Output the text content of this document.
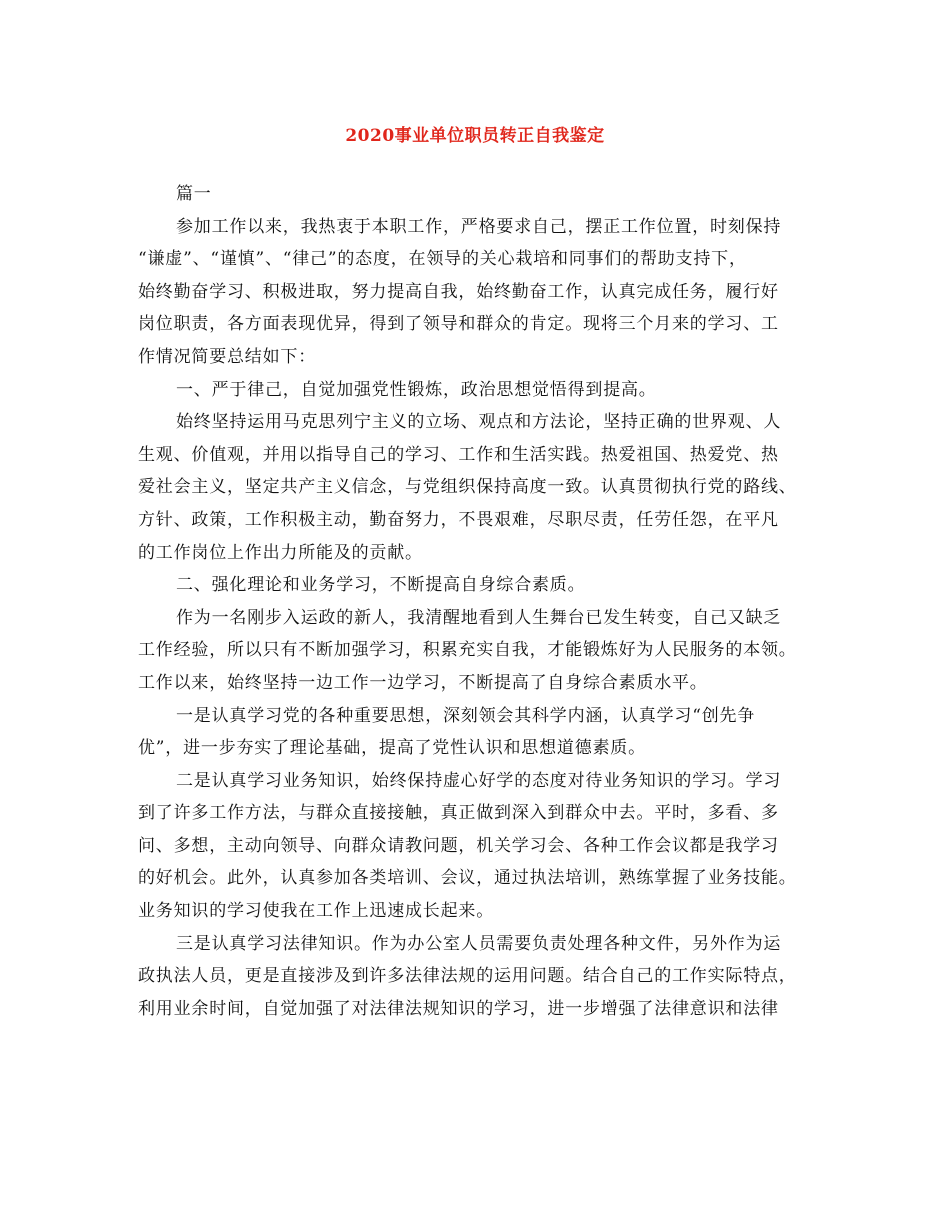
2020事业单位职员转正自我鉴定
篇一
参加工作以来，我热衷于本职工作，严格要求自己，摆正工作位置，时刻保持
“谦虚”、“谨慎”、“律己”的态度，在领导的关心栽培和同事们的帮助支持下，
始终勤奋学习、积极进取，努力提高自我，始终勤奋工作，认真完成任务，履行好
岗位职责，各方面表现优异，得到了领导和群众的肯定。现将三个月来的学习、工
作情况简要总结如下：
一、严于律己，自觉加强党性锻炼，政治思想觉悟得到提高。
始终坚持运用马克思列宁主义的立场、观点和方法论，坚持正确的世界观、人
生观、价值观，并用以指导自己的学习、工作和生活实践。热爱祖国、热爱党、热
爱社会主义，坚定共产主义信念，与党组织保持高度一致。认真贯彻执行党的路线、
方针、政策，工作积极主动，勤奋努力，不畏艰难，尽职尽责，任劳任怨，在平凡
的工作岗位上作出力所能及的贡献。
二、强化理论和业务学习，不断提高自身综合素质。
作为一名刚步入运政的新人，我清醒地看到人生舞台已发生转变，自己又缺乏
工作经验，所以只有不断加强学习，积累充实自我，才能锻炼好为人民服务的本领。
工作以来，始终坚持一边工作一边学习，不断提高了自身综合素质水平。
一是认真学习党的各种重要思想，深刻领会其科学内涵，认真学习“创先争
优”，进一步夯实了理论基础，提高了党性认识和思想道德素质。
二是认真学习业务知识，始终保持虚心好学的态度对待业务知识的学习。学习
到了许多工作方法，与群众直接接触，真正做到深入到群众中去。平时，多看、多
问、多想，主动向领导、向群众请教问题，机关学习会、各种工作会议都是我学习
的好机会。此外，认真参加各类培训、会议，通过执法培训，熟练掌握了业务技能。
业务知识的学习使我在工作上迅速成长起来。
三是认真学习法律知识。作为办公室人员需要负责处理各种文件，另外作为运
政执法人员，更是直接涉及到许多法律法规的运用问题。结合自己的工作实际特点，
利用业余时间，自觉加强了对法律法规知识的学习，进一步增强了法律意识和法律
